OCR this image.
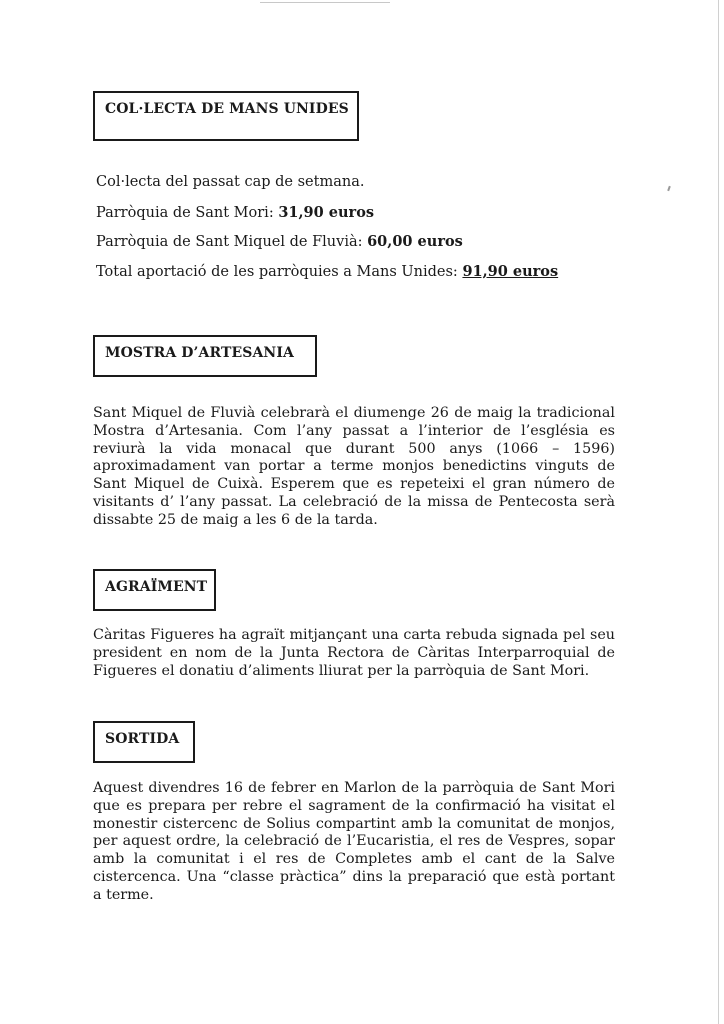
COL·LECTA DE MANS UNIDES
Col·lecta del passat cap de setmana.
Parròquia de Sant Mori: 31,90 euros
Parròquia de Sant Miquel de Fluvià: 60,00 euros
Total aportació de les parròquies a Mans Unides: 91,90 euros
MOSTRA D’ARTESANIA

Sant Miquel de Fluvià celebrarà el diumenge 26 de maig la tradicional Mostra d’Artesania. Com l’any passat a l’interior de l’església es reviurà la vida monacal que durant 500 anys (1066 – 1596) aproximadament van portar a terme monjos benedictins vinguts de Sant Miquel de Cuixà. Esperem que es repeteixi el gran número de visitants d’ l’any passat. La celebració de la missa de Pentecosta serà dissabte 25 de maig a les 6 de la tarda.

AGRAÏMENT

Càritas Figueres ha agraït mitjançant una carta rebuda signada pel seu president en nom de la Junta Rectora de Càritas Interparroquial de Figueres el donatiu d’aliments lliurat per la parròquia de Sant Mori.

SORTIDA

Aquest divendres 16 de febrer en Marlon de la parròquia de Sant Mori que es prepara per rebre el sagrament de la confirmació ha visitat el monestir cistercenc de Solius compartint amb la comunitat de monjos, per aquest ordre, la celebració de l’Eucaristia, el res de Vespres, sopar amb la comunitat i el res de Completes amb el cant de la Salve cistercenca. Una “classe pràctica” dins la preparació que està portant a terme.
